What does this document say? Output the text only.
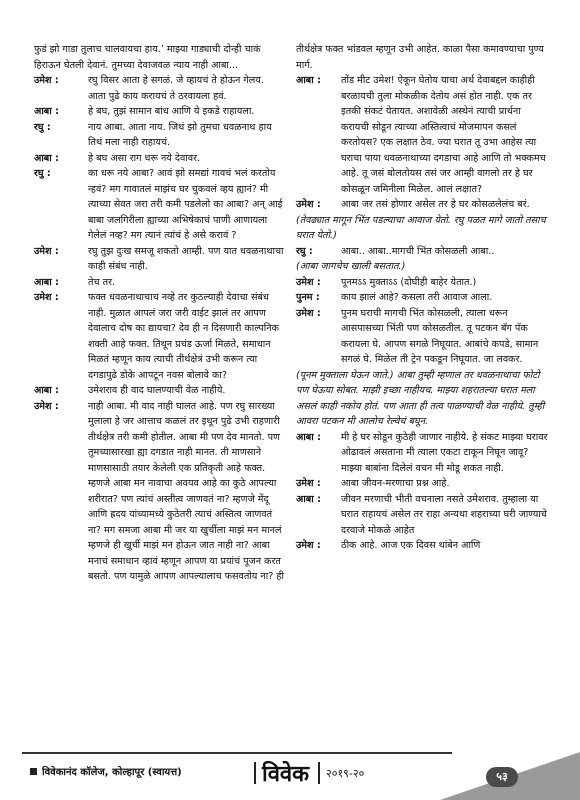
फुडं झो गाडा तुलाच चालवायचा हाय.’ माझ्या गाड्याची दोन्ही चाकं हिराऊन घेतली देवानं. तुमच्या देवाजवळ न्याय नाही आबा...
उमेश :	रघु विसर आता हे सगळं. जे व्हायचं ते होऊन गेलय. आता पुढे काय करायचं ते ठरवायला हवं.
आबा :	हे बघ, तुझं सामान बांध आणि ये इकडे राहायला.
रघु :	नाय आबा. आता नाय. जिथं झो तुमचा धवळनाथ हाय तिथं मला नाही राहायचं.
आबा :	हे बघ असा राग धरू नये देवावर.
रघु :	का धरू नये आबा? आवं झो समद्यां गावचं भलं करतोय न्हवं? मग गावातलं माझंच घर चुकवलं व्हय ह्यानं? मी त्याच्या सेवत जरा तरी कमी पडलेलो का आबा? अन्‌ आई बाबा जलगिरीला ह्याच्या अभिषेकाचं पाणी आणायला गेलेलं नव्ह? मग त्यानं त्यांचं हे असे करावं ?
उमेश :	रघु तुझ दुःख समजू शकतो आम्ही. पण यात धवळनाथाचा काही संबंध नाही.
आबा :	तेच तर.
उमेश :	फक्त धवळनाथाचाच नव्हे तर कुठल्याही देवाचा संबंध नाही. मुळात आपलं जरा जरी वाईट झालं तर आपण देवालाच दोष का द्यायचा? देव ही न दिसणारी काल्पनिक शक्ती आहे फक्त. तिथून प्रचंड ऊर्जा मिळते, समाधान मिळतं म्हणून काय त्याची तीर्थक्षेत्रं उभी करून त्या दगडापुढे डोके आपटून नवस बोलावे का?
आबा :	उमेशराव ही वाद घालण्याची वेळ नाहीये.
उमेश :	नाही आबा. मी वाद नाही घालत आहे. पण रघु सारख्या मुलाला हे जर आत्ताच कळलं तर इथून पुढे उभी राहणारी तीर्थक्षेत्र तरी कमी होतील. आबा मी पण देव मानतो. पण तुमच्यासारखा ह्या दगडात नाही मानत. ती माणसाने माणसासाठी तयार केलेली एक प्रतिकृती आहे फक्त. म्हणजे आबा मन नावाचा अवयव आहे का कुठे आपल्या शरीरात? पण त्यांचं अस्तीत्व जाणवतं ना? म्हणजे मेंदू आणि ह्रदय यांच्यामध्ये कुठेतरी त्याचं अस्तित्व जाणवतं ना? मग समजा आबा मी जर या खुर्चीला माझं मन मानलं म्हणजे ही खुर्ची माझं मन होऊन जात नाही ना? आबा मनाचं समाधान व्हावं म्हणून आपण या प्रयांचं पूजन करत बसतो. पण यामुळे आपण आपल्यालाच फसवतोय ना? ही
तीर्थक्षेत्र फक्त भांडवल म्हणून उभी आहेत. काळा पैसा कमावण्याचा पुण्य मार्ग.
आबा :	तोंड मीट उमेश! ऐकून घेतोय याचा अर्थ देवाबद्दल काहीही बरळायची तुला मोकळीक देतोय असं होत नाही. एक तर इतकी संकटं येतायत. अशावेळी अस्थेनं त्याची प्रार्थना करायची सोडून त्याच्या अस्तित्वाचं मोजमापन कसलं करतोयस? एक लक्षात ठेव. ज्या घरात तू उभा आहेस त्या घराचा पाया धवळनाथाच्या दगडाचा आहे आणि तो भक्कमच आहे. तू जसं बोलतोयस तसं जर आम्ही वागलो तर हे घर कोसळून जमिनीला मिळेल. आलं लक्षात?
उमेश :	आबा जर तसं होणार असेल तर हे घर कोसळलेलंच बरं.
(तेवढ्यात मागून भिंत पडल्याचा आवाज येतो. रघु पळत मागे जातो तसाच घरात येतो.)
रघु :	आबा.. आबा..मागची भिंत कोसळली आबा..
(आबा जागचेच खाली बसतात.)
उमेश :	पूनमऽऽ मुक्ताऽऽ (दोघीही बाहेर येतात.)
पुनम :	काय झालं आहे? कसला तरी आवाज आला.
उमेश :	पुनम घराची मागची भिंत कोसळली, त्याला धरून आसपासच्या भिंती पण कोसळतील. तू पटकन बॅग पॅक करायला घे. आपण सगळे निघूयात. आबांचे कपडे, सामान सगळं घे. मिळेल ती ट्रेन पकडून निघूयात. जा लवकर.
(पूनम मुक्ताला घेऊन जाते.) आबा तुम्ही म्हणाल तर धवळनाथाचा फोटो पण घेऊया सोबत. माझी इच्छा नाहीयच. माझ्या शहरातल्या घरात मला असलं काही नकोय होतं. पण आता ही तत्व पाळण्याची वेळ नाहीये. तुम्ही आवरा पटकन मी आलोच रेल्वेचं बघून.
आबा :	मी हे घर सोडून कुठेही जाणार नाहीये. हे संकट माझ्या घरावर ओढावलं असताना मी त्याला एकटा टाकून निघून जावू? माझ्या बाबांना दिलेलं वचन मी मोडू शकत नाही.
उमेश :	आबा जीवन-मरणाचा प्रश्न आहे.
आबा :	जीवन मरणाची भीती वचनाला नसते उमेशराव. तुम्हाला या घरात राहायचं असेल तर राहा अन्यथा शहराच्या घरी जाण्याचे दरवाजे मोकळे आहेत
उमेश :	ठीक आहे. आज एक दिवस थांबेन आणि
विवेकानंद कॉलेज, कोल्हापूर (स्वायत्त)	विवेक २०१९-२०	५३
